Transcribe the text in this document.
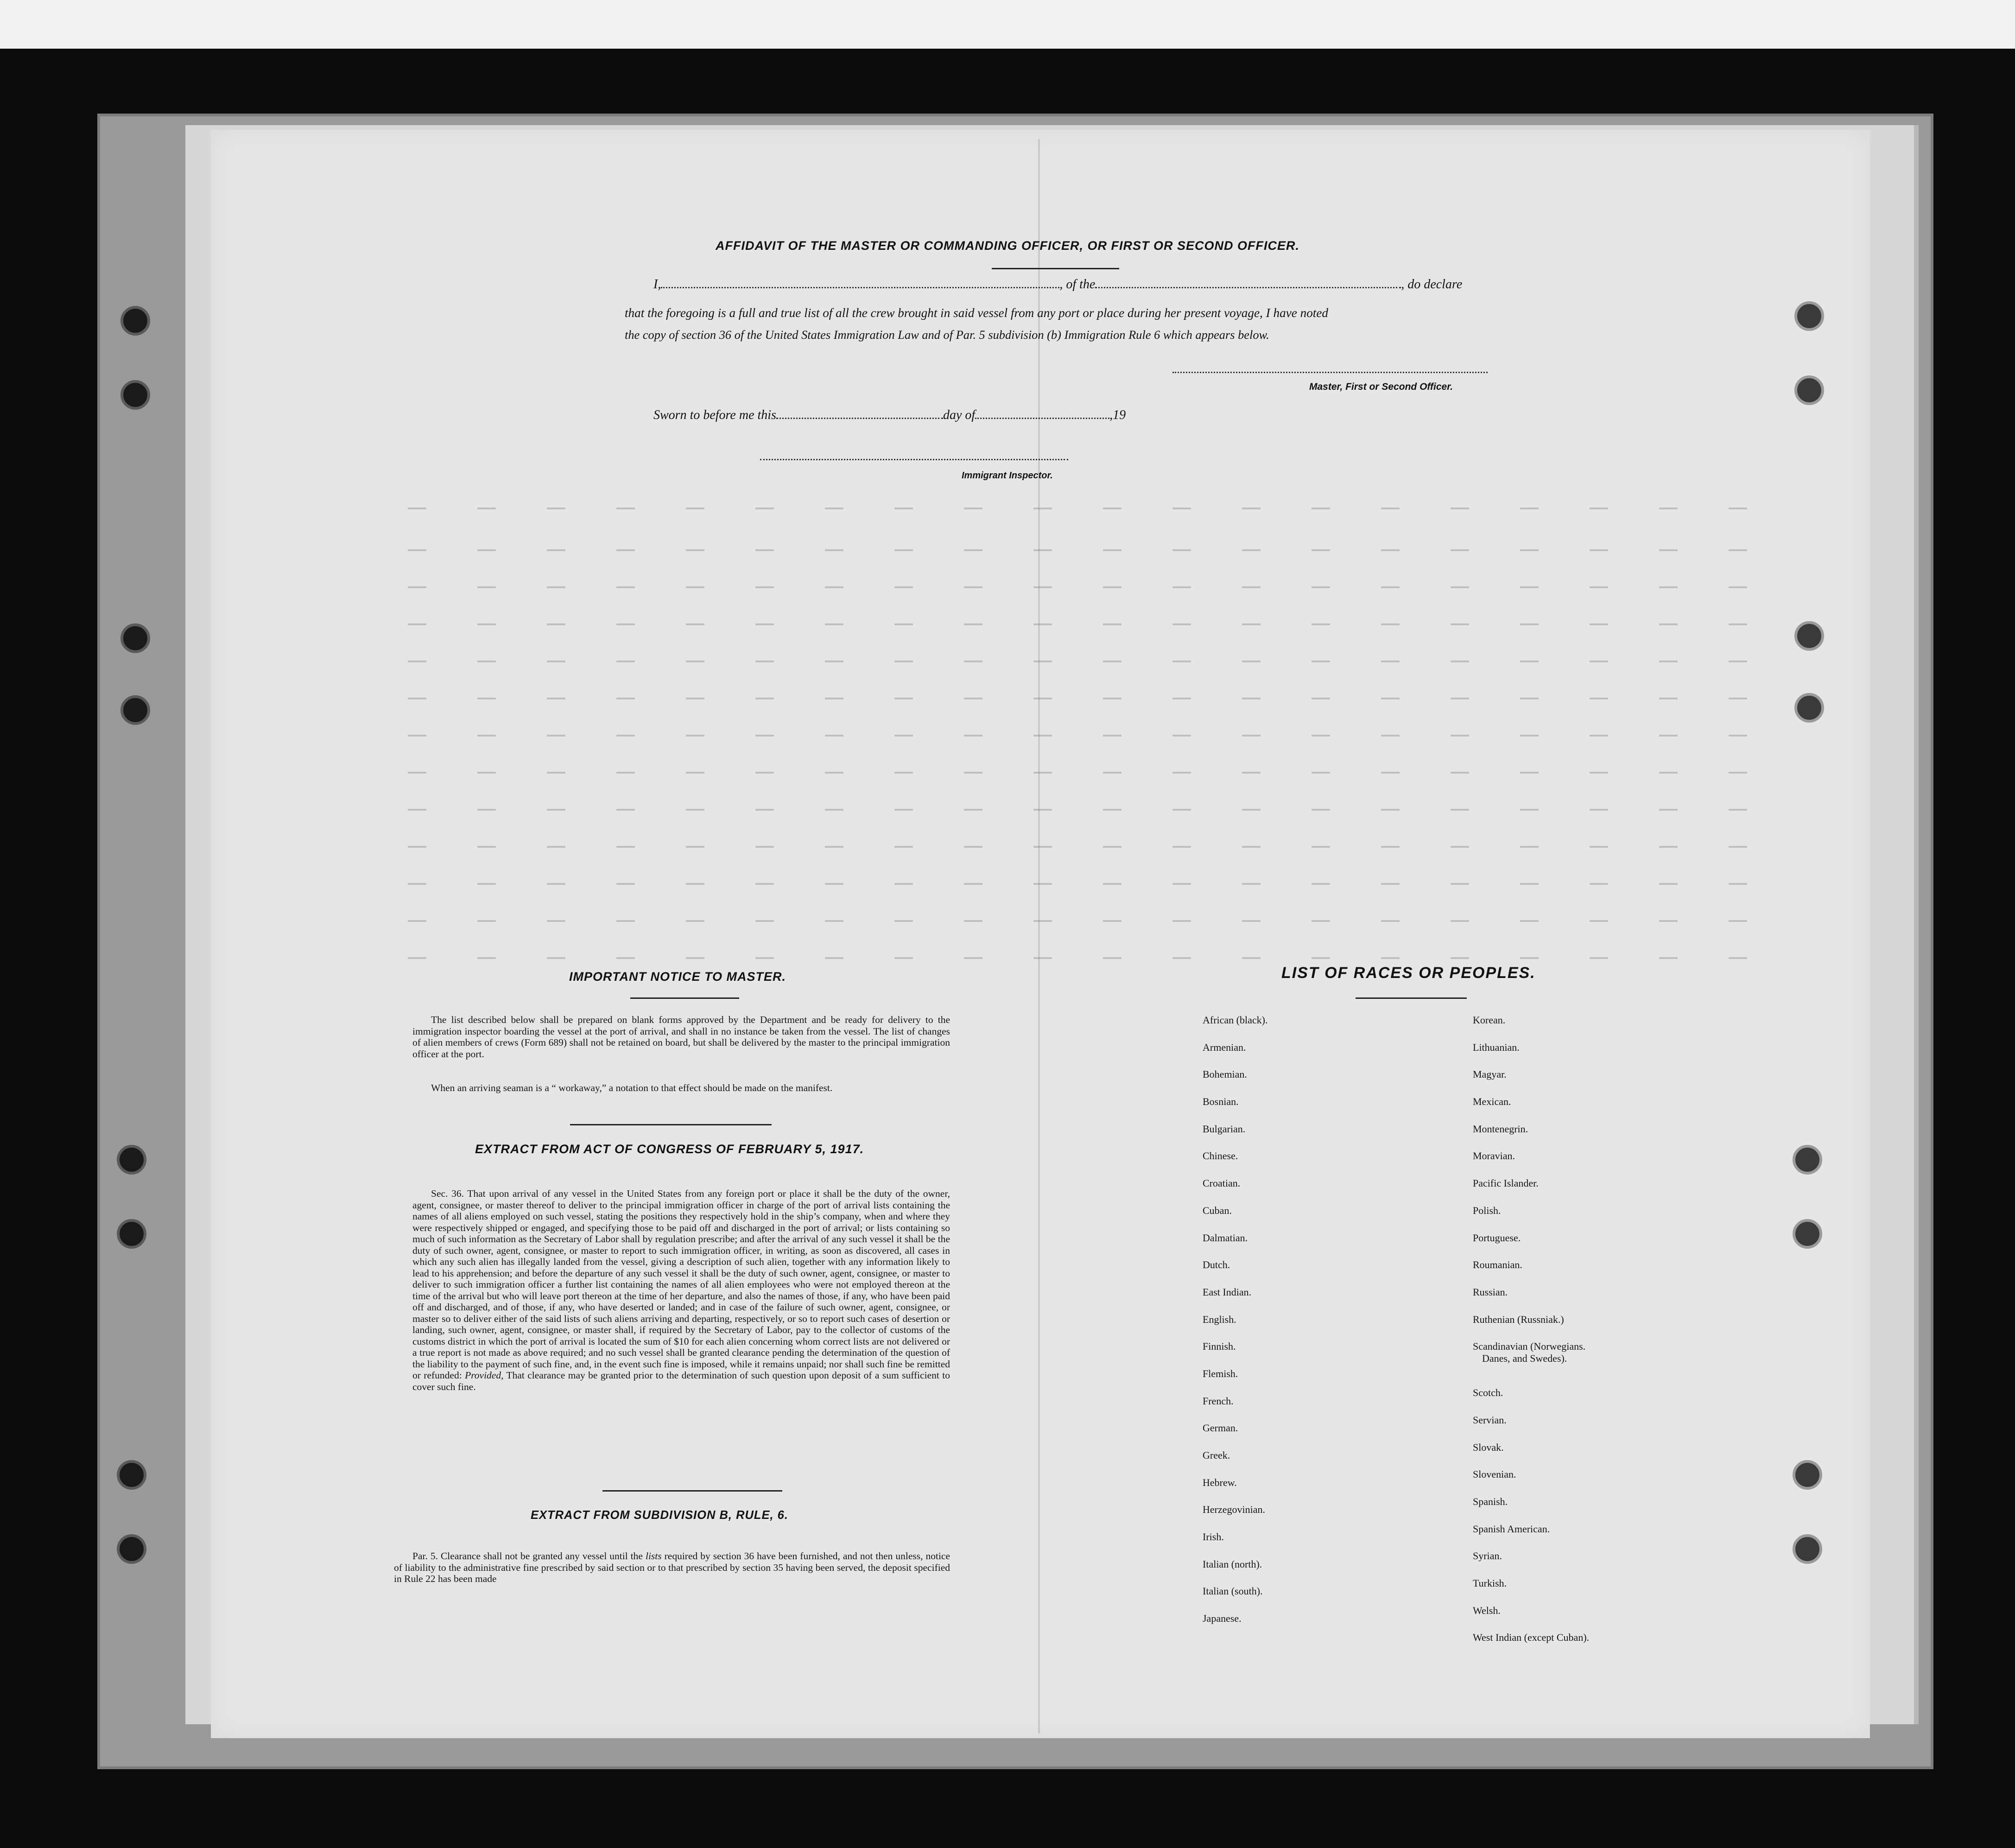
AFFIDAVIT OF THE MASTER OR COMMANDING OFFICER, OR FIRST OR SECOND OFFICER.
I,	, of the	, do declare
that the foregoing is a full and true list of all the crew brought in said vessel from any port or place during her present voyage, I have noted
the copy of section 36 of the United States Immigration Law and of Par. 5 subdivision (b) Immigration Rule 6 which appears below.
Master, First or Second Officer.
Sworn to before me this	day of	,19
Immigrant Inspector.
IMPORTANT NOTICE TO MASTER.

The list described below shall be prepared on blank forms approved by the Department and be ready for delivery to the immigration inspector boarding the vessel at the port of arrival, and shall in no instance be taken from the vessel. The list of changes of alien members of crews (Form 689) shall not be retained on board, but shall be delivered by the master to the principal immigration officer at the port.

When an arriving seaman is a “ workaway,” a notation to that effect should be made on the manifest.

EXTRACT FROM ACT OF CONGRESS OF FEBRUARY 5, 1917.

Sec. 36. That upon arrival of any vessel in the United States from any foreign port or place it shall be the duty of the owner, agent, consignee, or master thereof to deliver to the principal immigration officer in charge of the port of arrival lists containing the names of all aliens employed on such vessel, stating the positions they respectively hold in the ship’s company, when and where they were respectively shipped or engaged, and specifying those to be paid off and discharged in the port of arrival; or lists containing so much of such information as the Secretary of Labor shall by regulation prescribe; and after the arrival of any such vessel it shall be the duty of such owner, agent, consignee, or master to report to such immigration officer, in writing, as soon as discovered, all cases in which any such alien has illegally landed from the vessel, giving a description of such alien, together with any information likely to lead to his apprehension; and before the departure of any such vessel it shall be the duty of such owner, agent, consignee, or master to deliver to such immigration officer a further list containing the names of all alien employees who were not employed thereon at the time of the arrival but who will leave port thereon at the time of her departure, and also the names of those, if any, who have been paid off and discharged, and of those, if any, who have deserted or landed; and in case of the failure of such owner, agent, consignee, or master so to deliver either of the said lists of such aliens arriving and departing, respectively, or so to report such cases of desertion or landing, such owner, agent, consignee, or master shall, if required by the Secretary of Labor, pay to the collector of customs of the customs district in which the port of arrival is located the sum of $10 for each alien concerning whom correct lists are not delivered or a true report is not made as above required; and no such vessel shall be granted clearance pending the determination of the question of the liability to the payment of such fine, and, in the event such fine is imposed, while it remains unpaid; nor shall such fine be remitted or refunded: Provided, That clearance may be granted prior to the determination of such question upon deposit of a sum sufficient to cover such fine.

EXTRACT FROM SUBDIVISION B, RULE, 6.

Par. 5. Clearance shall not be granted any vessel until the lists required by section 36 have been furnished, and not then unless, notice of liability to the administrative fine prescribed by said section or to that prescribed by section 35 having been served, the deposit specified in Rule 22 has been made

LIST OF RACES OR PEOPLES.
African (black).
Armenian.
Bohemian.
Bosnian.
Bulgarian.
Chinese.
Croatian.
Cuban.
Dalmatian.
Dutch.
East Indian.
English.
Finnish.
Flemish.
French.
German.
Greek.
Hebrew.
Herzegovinian.
Irish.
Italian (north).
Italian (south).
Japanese.
Korean.
Lithuanian.
Magyar.
Mexican.
Montenegrin.
Moravian.
Pacific Islander.
Polish.
Portuguese.
Roumanian.
Russian.
Ruthenian (Russniak.)
Scandinavian (Norwegians.
Danes, and Swedes).
Scotch.
Servian.
Slovak.
Slovenian.
Spanish.
Spanish American.
Syrian.
Turkish.
Welsh.
West Indian (except Cuban).
